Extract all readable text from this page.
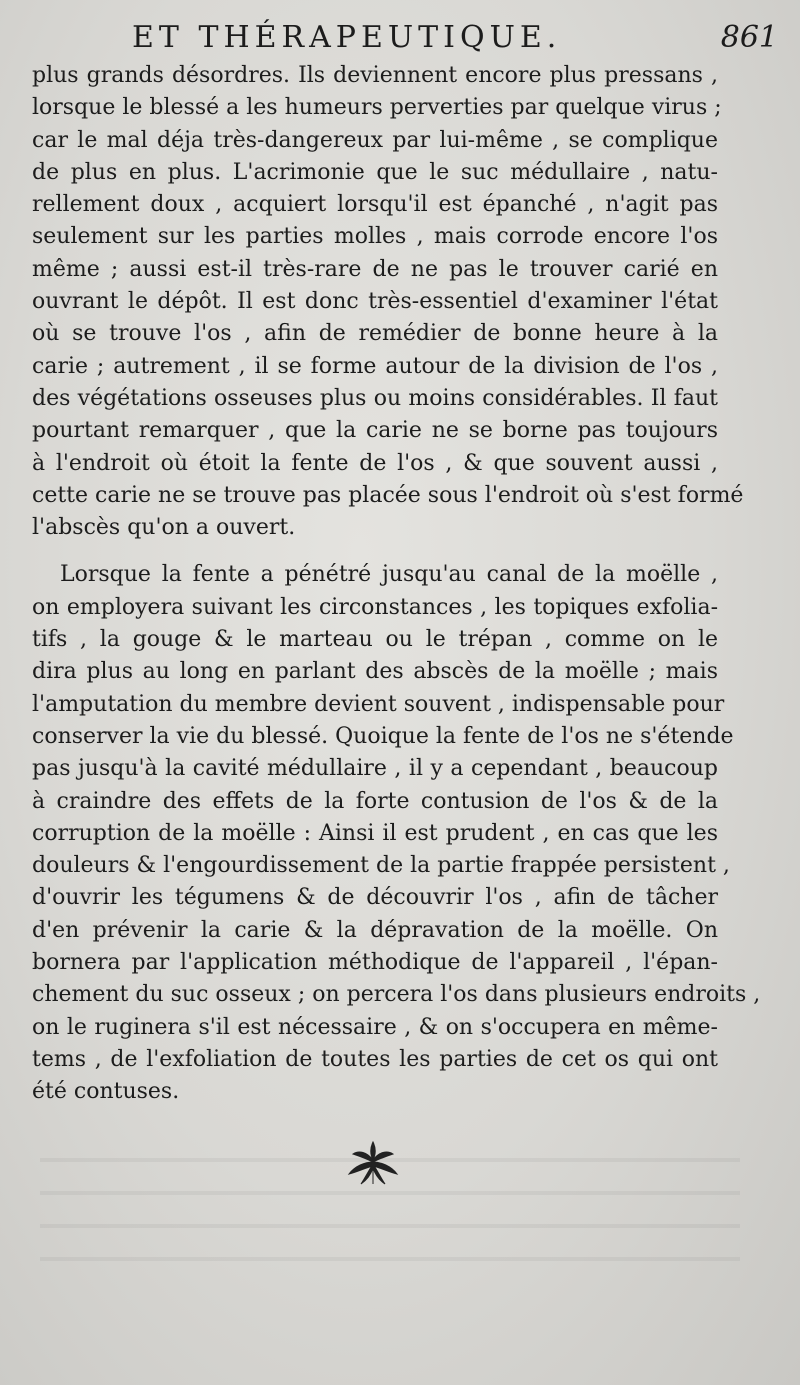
ET THÉRAPEUTIQUE.	861
plus grands désordres. Ils deviennent encore plus pressans ,
lorsque le blessé a les humeurs perverties par quelque virus ;
car le mal déja très-dangereux par lui-même , se complique
de plus en plus. L'acrimonie que le suc médullaire , natu-
rellement doux , acquiert lorsqu'il est épanché , n'agit pas
seulement sur les parties molles , mais corrode encore l'os
même ; aussi est-il très-rare de ne pas le trouver carié en
ouvrant le dépôt. Il est donc très-essentiel d'examiner l'état
où se trouve l'os , afin de remédier de bonne heure à la
carie ; autrement , il se forme autour de la division de l'os ,
des végétations osseuses plus ou moins considérables. Il faut
pourtant remarquer , que la carie ne se borne pas toujours
à l'endroit où étoit la fente de l'os , & que souvent aussi ,
cette carie ne se trouve pas placée sous l'endroit où s'est formé
l'abscès qu'on a ouvert.
Lorsque la fente a pénétré jusqu'au canal de la moëlle ,
on employera suivant les circonstances , les topiques exfolia-
tifs , la gouge & le marteau ou le trépan , comme on le
dira plus au long en parlant des abscès de la moëlle ; mais
l'amputation du membre devient souvent , indispensable pour
conserver la vie du blessé. Quoique la fente de l'os ne s'étende
pas jusqu'à la cavité médullaire , il y a cependant , beaucoup
à craindre des effets de la forte contusion de l'os & de la
corruption de la moëlle : Ainsi il est prudent , en cas que les
douleurs & l'engourdissement de la partie frappée persistent ,
d'ouvrir les tégumens & de découvrir l'os , afin de tâcher
d'en prévenir la carie & la dépravation de la moëlle. On
bornera par l'application méthodique de l'appareil , l'épan-
chement du suc osseux ; on percera l'os dans plusieurs endroits ,
on le ruginera s'il est nécessaire , & on s'occupera en même-
tems , de l'exfoliation de toutes les parties de cet os qui ont
été contuses.
